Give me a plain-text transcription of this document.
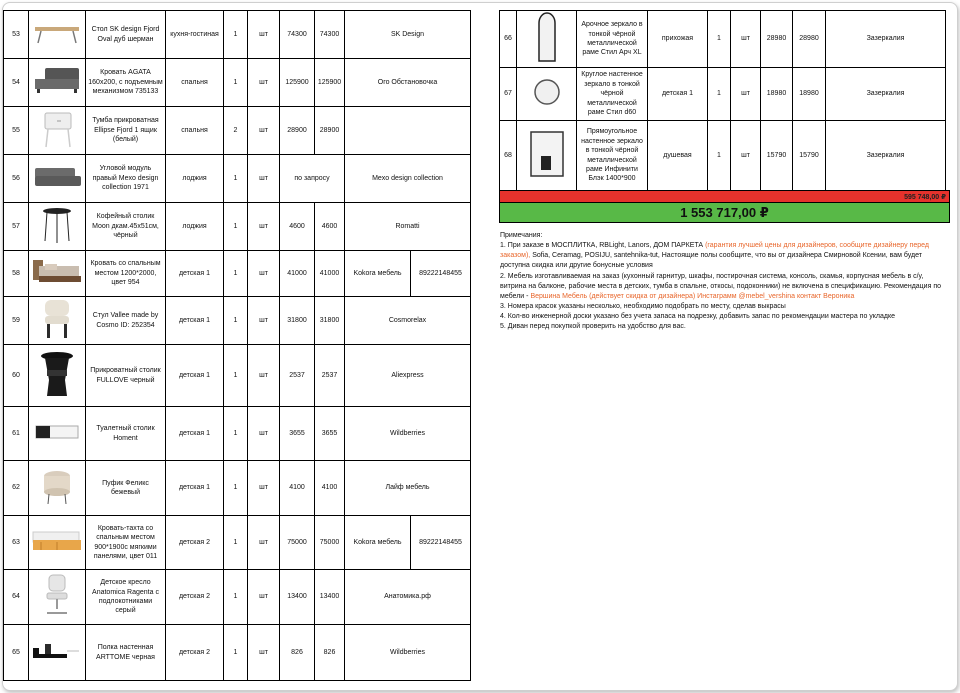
53		Стол SK design Fjord Oval дуб шерман	кухня-гостиная	1	шт	74300	74300	SK Design	
54		Кровать AGATA 160х200, с подъемным механизмом 735133	спальня	1	шт	125900	125900	Ого Обстановочка	
55		Тумба прикроватная Ellipse Fjord 1 ящик (белый)	спальня	2	шт	28900	28900		
56		Угловой модуль правый Mexo design collection 1971	лоджия	1	шт	по запросу		Mexo design collection	
57		Кофейный столик Moon дкам.45х51см, чёрный	лоджия	1	шт	4600	4600	Romatti	
58		Кровать со спальным местом 1200*2000, цвет 954	детская 1	1	шт	41000	41000	Kokora мебель	89222148455
59		Стул Vallee made by Cosmo ID: 252354	детская 1	1	шт	31800	31800	Cosmorelax	
60		Прикроватный столик FULLOVE черный	детская 1	1	шт	2537	2537	Aliexpress	
61		Туалетный столик Homent	детская 1	1	шт	3655	3655	Wildberries	
62		Пуфик Феликс бежевый	детская 1	1	шт	4100	4100	Лайф мебель	
63		Кровать-тахта со спальным местом 900*1900с мягкими панелями, цвет 011	детская 2	1	шт	75000	75000	Kokora мебель	89222148455
64		Детское кресло Anatomica Ragenta с подлокотниками серый	детская 2	1	шт	13400	13400	Анатомика.рф	
65		Полка настенная ARTTOME черная	детская 2	1	шт	826	826	Wildberries	
66		Арочное зеркало в тонкой чёрной металлической раме Стил Арч XL	прихожая	1	шт	28980	28980	Зазеркалия
67		Круглое настенное зеркало в тонкой чёрной металлической раме Стил d60	детская 1	1	шт	18980	18980	Зазеркалия
68		Прямоугольное настенное зеркало в тонкой чёрной металлической раме Инфинити Блэк 1400*900	душевая	1	шт	15790	15790	Зазеркалия
595 748,00 ₽
1 553 717,00 ₽

Примечания:

1. При заказе в МОСПЛИТКА, RBLight, Lanors, ДОМ ПАРКЕТА (гарантия лучшей цены для дизайнеров, сообщите дизайнеру перед заказом), Sofia, Ceramag, POSIJU, santehnika-tut, Настоящие полы сообщите, что вы от дизайнера Смирновой Ксении, вам будет доступна скидка или другие бонусные условия

2. Мебель изготавливаемая на заказ (кухонный гарнитур, шкафы, постирочная система, консоль, скамья, корпусная мебель в с/у, витрина на балконе, рабочие места в детских, тумба в спальне, откосы, подоконники) не включена в спецификацию. Рекомендация по мебели - Вершина Мебель (действует скидка от дизайнера) Инстаграмм @mebel_vershina контакт Вероника

3. Номера красок указаны несколько, необходимо подобрать по месту, сделав выкрасы

4. Кол-во инженерной доски указано без учета запаса на подрезку, добавить запас по рекомендации мастера по укладке

5. Диван перед покупкой проверить на удобство для вас.
